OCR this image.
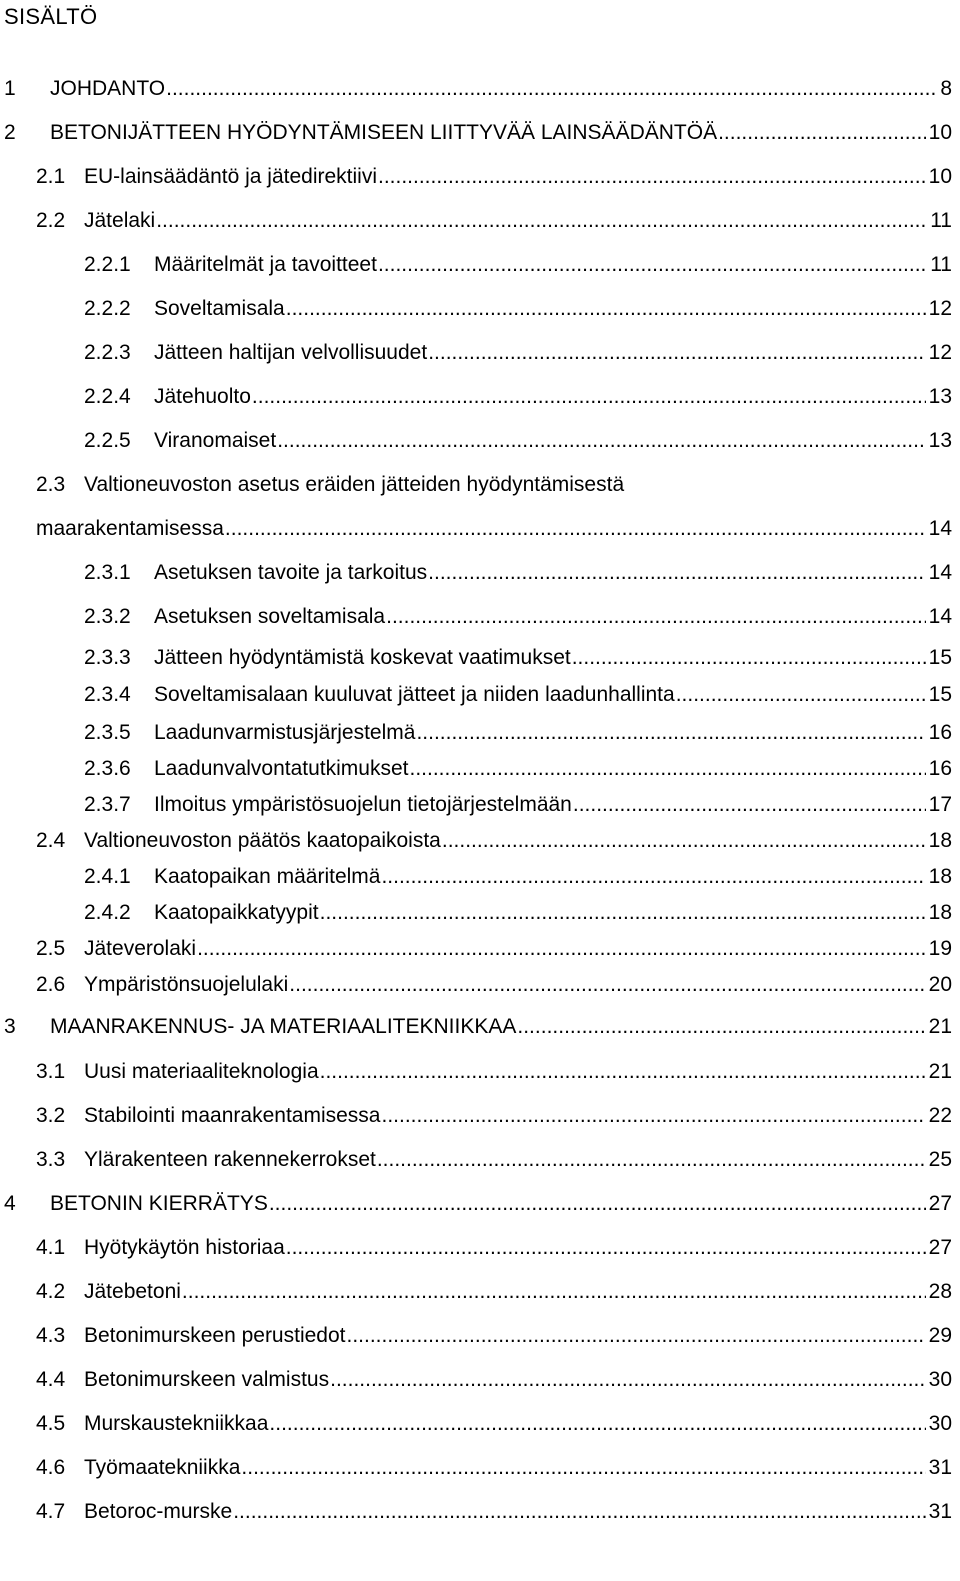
SISÄLTÖ
1	JOHDANTO .....	8
2	BETONIJÄTTEEN HYÖDYNTÄMISEEN LIITTYVÄÄ LAINSÄÄDÄNTÖÄ .....	10
2.1 EU-lainsäädäntö ja jätedirektiivi .....	10
2.2 Jätelaki .....	11
2.2.1	Määritelmät ja tavoitteet .....	11
2.2.2	Soveltamisala .....	12
2.2.3	Jätteen haltijan velvollisuudet .....	12
2.2.4	Jätehuolto .....	13
2.2.5	Viranomaiset .....	13
2.3 Valtioneuvoston asetus eräiden jätteiden hyödyntämisestä
maarakentamisessa .....	14
2.3.1	Asetuksen tavoite ja tarkoitus .....	14
2.3.2	Asetuksen soveltamisala .....	14
2.3.3	Jätteen hyödyntämistä koskevat vaatimukset .....	15
2.3.4	Soveltamisalaan kuuluvat jätteet ja niiden laadunhallinta .....	15
2.3.5	Laadunvarmistusjärjestelmä .....	16
2.3.6	Laadunvalvontatutkimukset .....	16
2.3.7	Ilmoitus ympäristösuojelun tietojärjestelmään .....	17
2.4 Valtioneuvoston päätös kaatopaikoista .....	18
2.4.1	Kaatopaikan määritelmä .....	18
2.4.2	Kaatopaikkatyypit .....	18
2.5 Jäteverolaki .....	19
2.6 Ympäristönsuojelulaki .....	20
3	MAANRAKENNUS- JA MATERIAALITEKNIIKKAA .....	21
3.1 Uusi materiaaliteknologia .....	21
3.2 Stabilointi maanrakentamisessa .....	22
3.3 Ylärakenteen rakennekerrokset .....	25
4	BETONIN KIERRÄTYS .....	27
4.1 Hyötykäytön historiaa .....	27
4.2 Jätebetoni .....	28
4.3 Betonimurskeen perustiedot .....	29
4.4 Betonimurskeen valmistus .....	30
4.5 Murskaustekniikkaa .....	30
4.6 Työmaatekniikka .....	31
4.7 Betoroc-murske .....	31
